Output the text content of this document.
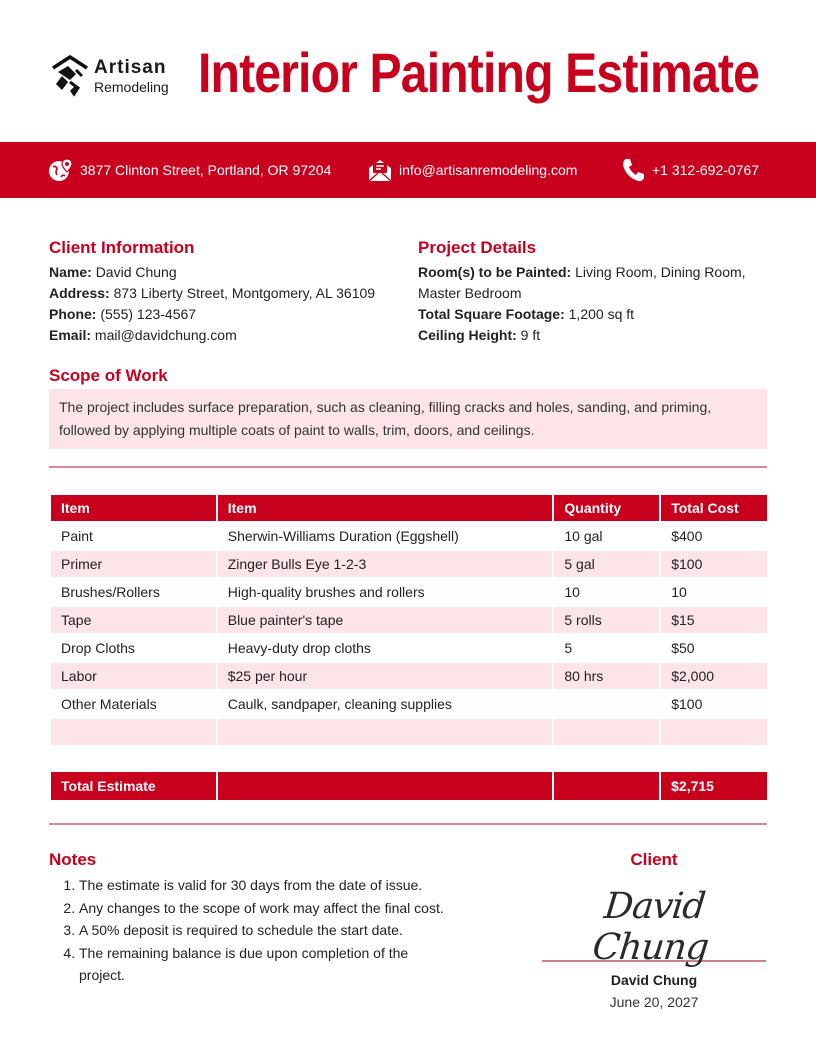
Artisan
Remodeling Interior Painting Estimate
3877 Clinton Street, Portland, OR 97204	info@artisanremodeling.com	+1 312-692-0767
Client Information
Name: David Chung
Address: 873 Liberty Street, Montgomery, AL 36109
Phone: (555) 123-4567
Email: mail@davidchung.com
Project Details
Room(s) to be Painted: Living Room, Dining Room, Master Bedroom
Total Square Footage: 1,200 sq ft
Ceiling Height: 9 ft
Scope of Work
The project includes surface preparation, such as cleaning, filling cracks and holes, sanding, and priming, followed by applying multiple coats of paint to walls, trim, doors, and ceilings.
Item	Item	Quantity	Total Cost
Paint	Sherwin-Williams Duration (Eggshell)	10 gal	$400
Primer	Zinger Bulls Eye 1-2-3	5 gal	$100
Brushes/Rollers	High-quality brushes and rollers	10	10
Tape	Blue painter's tape	5 rolls	$15
Drop Cloths	Heavy-duty drop cloths	5	$50
Labor	$25 per hour	80 hrs	$2,000
Other Materials	Caulk, sandpaper, cleaning supplies		$100

Total Estimate			$2,715
Notes
1. The estimate is valid for 30 days from the date of issue.
2. Any changes to the scope of work may affect the final cost.
3. A 50% deposit is required to schedule the start date.
4. The remaining balance is due upon completion of the project.
Client
David Chung
David Chung
June 20, 2027
